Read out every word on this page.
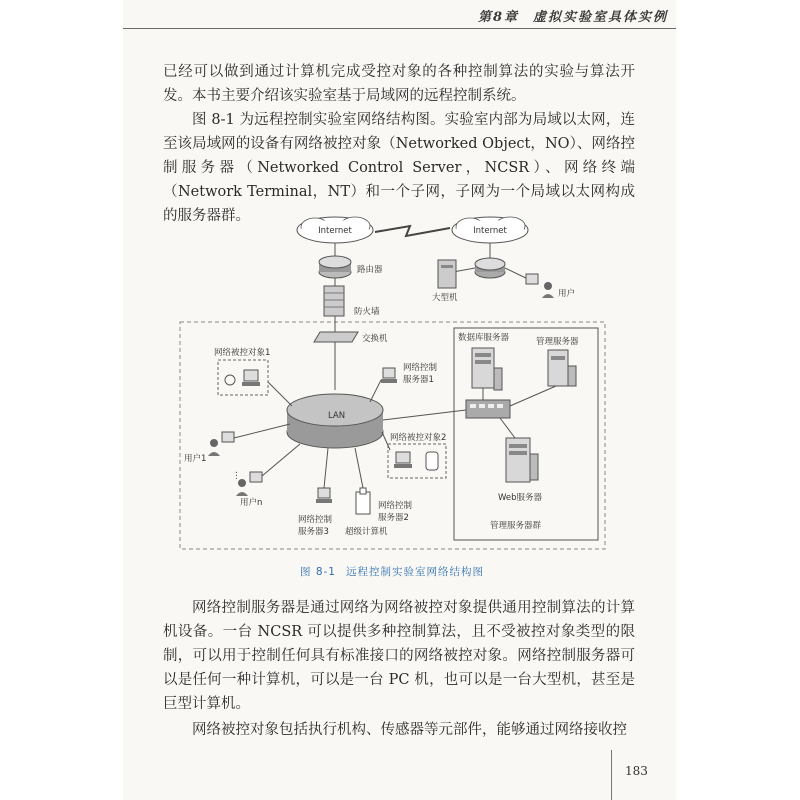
第8章 虚拟实验室具体实例
已经可以做到通过计算机完成受控对象的各种控制算法的实验与算法开发。本书主要介绍该实验室基于局域网的远程控制系统。
图 8-1 为远程控制实验室网络结构图。实验室内部为局域以太网，连至该局域网的设备有网络被控对象（Networked Object，NO）、网络控制服务器（Networked Control Server，NCSR）、网络终端（Network Terminal，NT）和一个子网，子网为一个局域以太网构成的服务器群。
Internet	Internet
路由器
防火墙
大型机	用户
交换机
LAN
网络被控对象1
网络控制
服务器1
网络被控对象2
用户1
用户n
⋮
网络控制
服务器3
网络控制
服务器2
超级计算机
数据库服务器	管理服务器
Web服务器
管理服务器群
图 8-1 远程控制实验室网络结构图
网络控制服务器是通过网络为网络被控对象提供通用控制算法的计算机设备。一台 NCSR 可以提供多种控制算法，且不受被控对象类型的限制，可以用于控制任何具有标准接口的网络被控对象。网络控制服务器可以是任何一种计算机，可以是一台 PC 机，也可以是一台大型机，甚至是巨型计算机。
网络被控对象包括执行机构、传感器等元部件，能够通过网络接收控
183
